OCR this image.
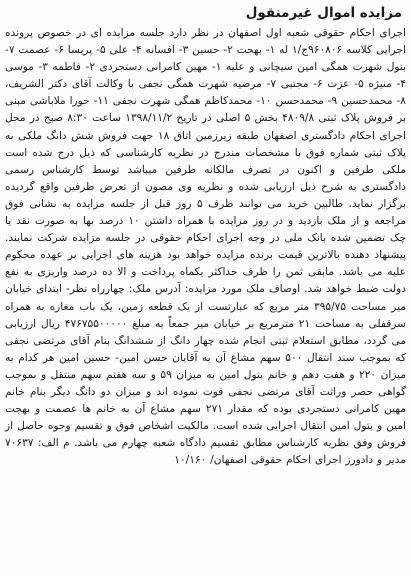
مزایده اموال غیرمنقول

اجرای احکام حقوقی شعبه اول اصفهان در نظر دارد جلسه مزایده ای در خصوص پرونده اجرایی کلاسه ۹۶۰۸۰۶ج/۱ له ۱- بهجت ۲- حسین ۳- افسانه ۴- علی ۵- پریسا ۶- عصمت ۷- بتول شهرت همگی امین سیچانی و علیه ۱- مهین کامرانی دستجردی ۲- فاطمه ۳- موسی ۴- منیژه ۵- عزت ۶- مجتبی ۷- مرضیه شهرت همگی نجفی با وکالت آقای دکتر الشریف، ۸- محمدحسین ۹- محمدحسن ۱۰- محمدکاظم همگی شهرت نجفی ۱۱- حورا ملاباشی مبنی بر فروش پلاک ثبتی ۴۸۰۹/۸ بخش ۵ اصلی در تاریخ ۱۳۹۸/۱۱/۲ ساعت ۸:۳۰ صبح در محل اجرای احکام دادگستری اصفهان طبقه زیرزمین اتاق ۱۸ جهت فروش شش دانگ ملکی به پلاک ثبتی شماره فوق با مشخصات مندرج در نظریه کارشناسی که ذیل درج شده است ملکی طرفین و اکنون در تصرف مالکانه طرفین میباشد توسط کارشناس رسمی دادگستری به شرح ذیل ارزیابی شده و نظریه وی مصون از تعرض طرفین واقع گردیده برگزار نماید. طالبین خرید می توانند ظرف ۵ روز قبل از جلسه مزایده به نشانی فوق مراجعه و از ملک بازدید و در روز مزایده با همراه داشتن ۱۰ درصد بها به صورت نقد یا چک تضمین شده بانک ملی در وجه اجرای احکام حقوقی در جلسه مزایده شرکت نمایند. پیشنهاد دهنده بالاترین قیمت برنده مزایده خواهد بود هزینه های اجرایی بر عهده محکوم علیه می باشد. مابقی ثمن را ظرف حداکثر یکماه پرداخت و الا ده درصد واریزی به نفع دولت ضبط خواهد شد. اوصاف ملک مورد مزایده: آدرس ملک: چهارراه نظر- ابتدای خیابان میر مساحت ۳۹۵/۷۵ متر مربع که عبارتست از یک قطعه زمین، یک باب مغازه به همراه سرقفلی به مساحت ۲۱ مترمربع بر خیابان میر جمعاً به مبلغ ۴۷۶۷۵۵۰۰۰۰۰ ریال ارزیابی می گردد، مطابق استعلام ثبتی انجام شده چهار دانگ از ششدانگ بنام آقای مرتضی نجفی که بموجب سند انتقال ۵۰۰ سهم مشاع آن به آقایان حسن امین- حسین امین هر کدام به میزان ۲۲۰ و هفت دهم و خانم بتول امین به میزان ۵۹ و سه هفتم سهم منتقل و بموجب گواهی حصر وراثت آقای مرتضی نجفی فوت نموده اند و میزان دو دانگ دیگر بنام خانم مهین کامرانی دستجردی بوده که مقدار ۲۷۱ سهم مشاع آن به خانم ها عصمت و بهجت امین و بتول امین انتقال اجرایی شده است. مالکیت اشخاص فوق و تقسیم وجوه حاصل از فروش وفق نظریه کارشناس مطابق تقسیم دادگاه شعبه چهارم می باشد. م الف: ۷۰۶۳۷ مدیر و دادورز اجرای احکام حقوقی اصفهان/ ۱۰/۱۶۰
